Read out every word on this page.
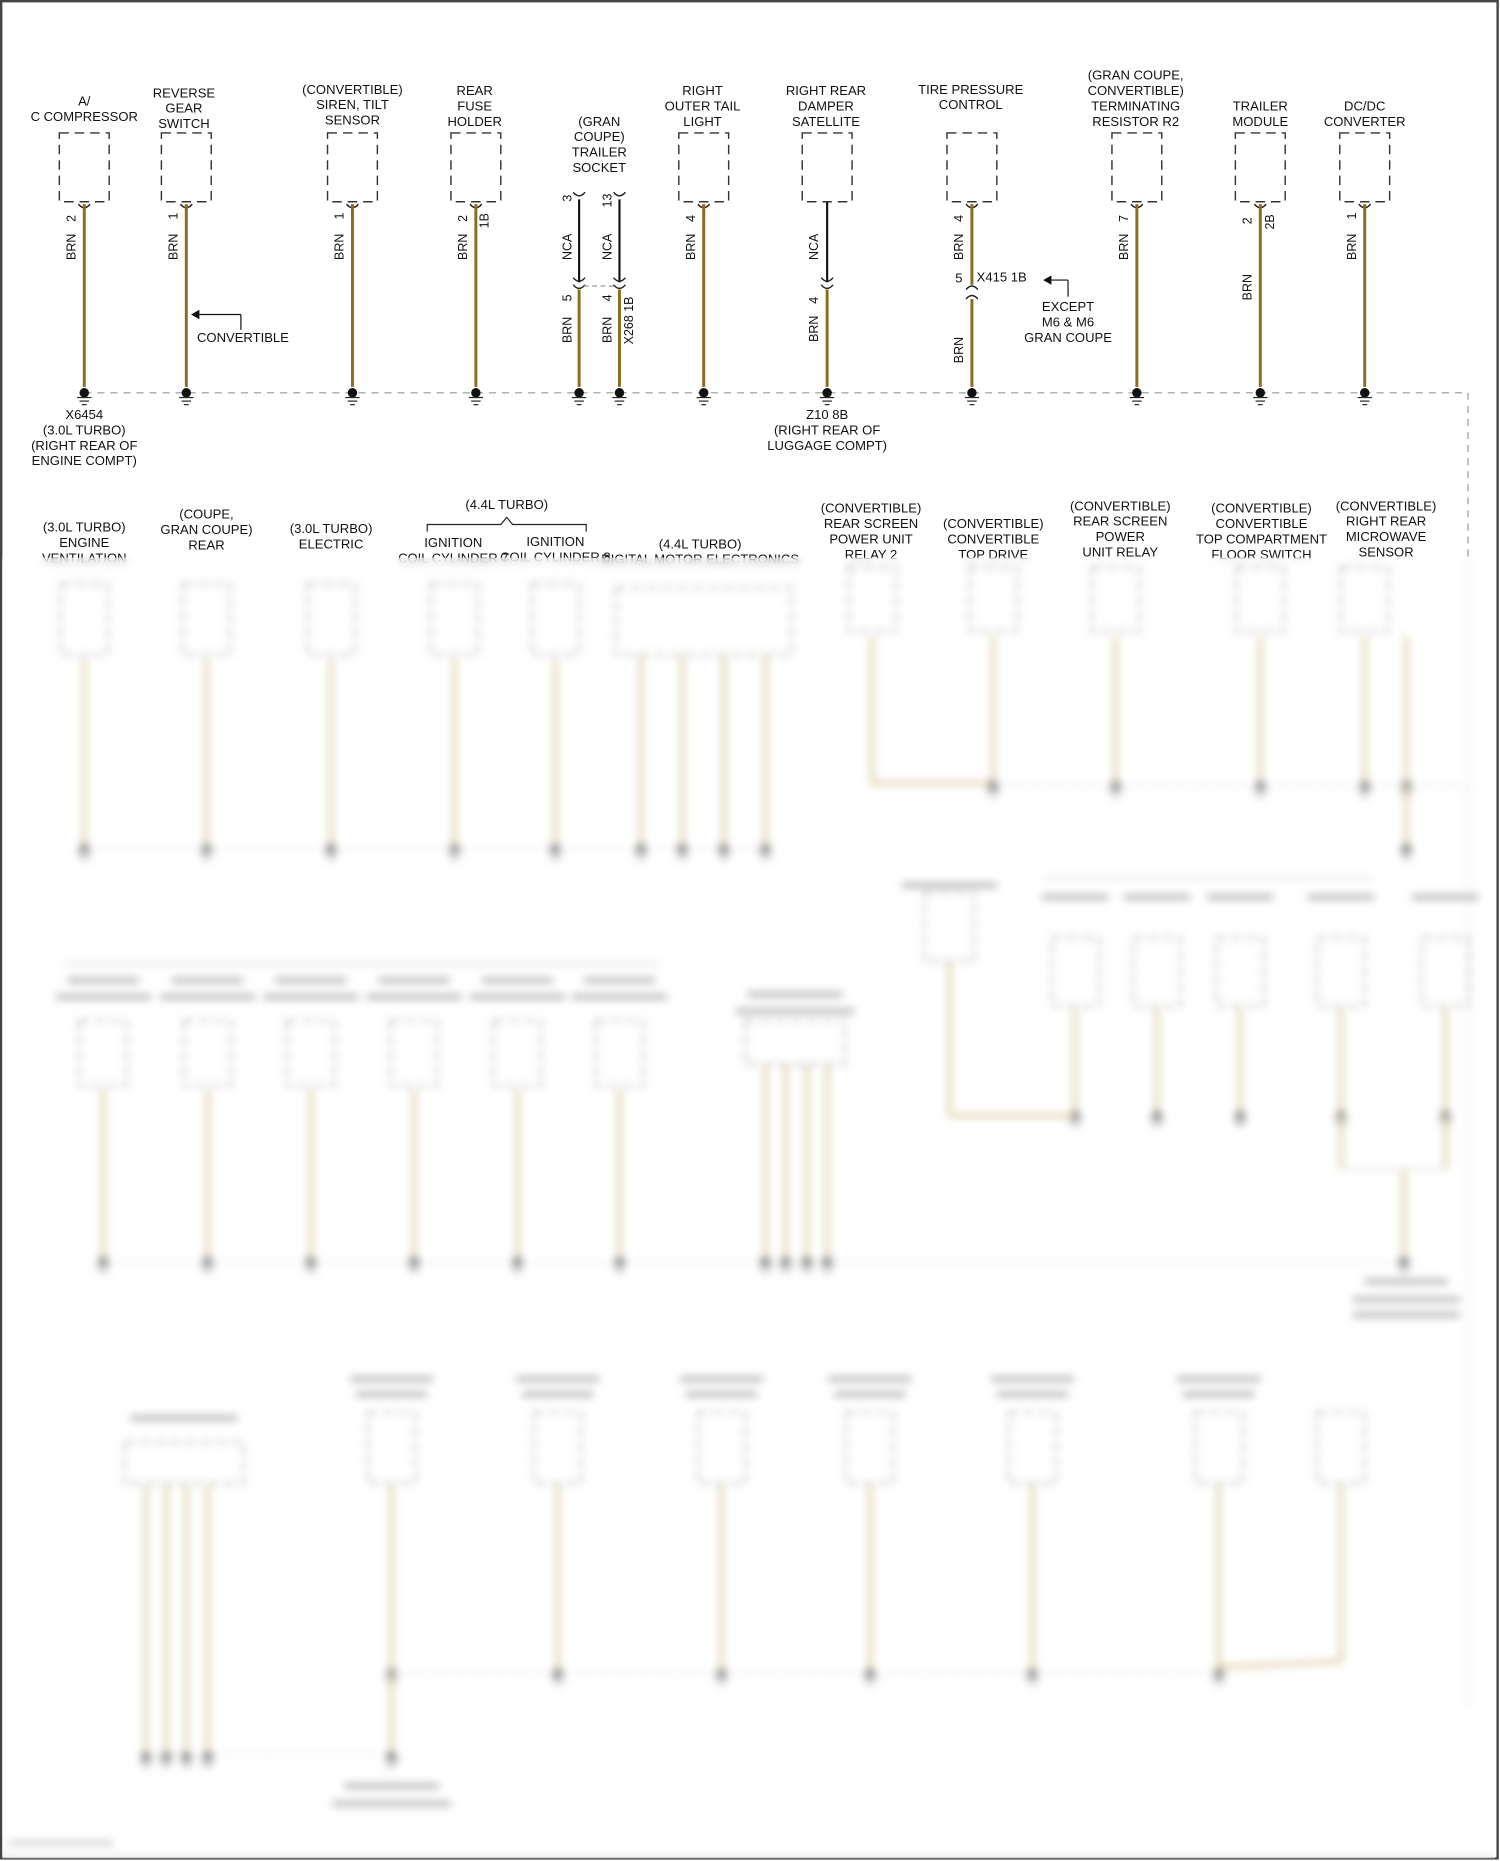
A/
C COMPRESSOR
REVERSE
GEAR
SWITCH
(CONVERTIBLE)
SIREN, TILT
SENSOR
REAR
FUSE
HOLDER	(GRAN
COUPE)
TRAILER
SOCKET
RIGHT
OUTER TAIL
LIGHT
RIGHT REAR
DAMPER
SATELLITE
TIRE PRESSURE
CONTROL
(GRAN COUPE,
CONVERTIBLE)
TERMINATING
RESISTOR R2
TRAILER
MODULE
DC/DC
CONVERTER
2
BRN
1
BRN
1
BRN
2 1B
BRN
3
NCA
5
BRN
13
NCA
4
BRN X268 1B
4
BRN	NCA
4
BRN
4
BRN
5 X415 1B
BRN
7
BRN
2 2B
BRN
1
BRN
CONVERTIBLE
EXCEPT
M6 & M6
GRAN COUPE
X6454
(3.0L TURBO)
(RIGHT REAR OF
ENGINE COMPT)
Z10 8B
(RIGHT REAR OF
LUGGAGE COMPT)
(3.0L TURBO)
ENGINE
VENTILATION
(COUPE,
GRAN COUPE)
REAR
(3.0L TURBO)
ELECTRIC
(4.4L TURBO)
IGNITION
COIL CYLINDER 7
IGNITION
COIL CYLINDER 8
(4.4L TURBO)
DIGITAL MOTOR ELECTRONICS
(CONVERTIBLE)
REAR SCREEN
POWER UNIT
RELAY 2
(CONVERTIBLE)
CONVERTIBLE
TOP DRIVE
(CONVERTIBLE)
REAR SCREEN
POWER
UNIT RELAY
(CONVERTIBLE)
CONVERTIBLE
TOP COMPARTMENT
FLOOR SWITCH
(CONVERTIBLE)
RIGHT REAR
MICROWAVE
SENSOR
